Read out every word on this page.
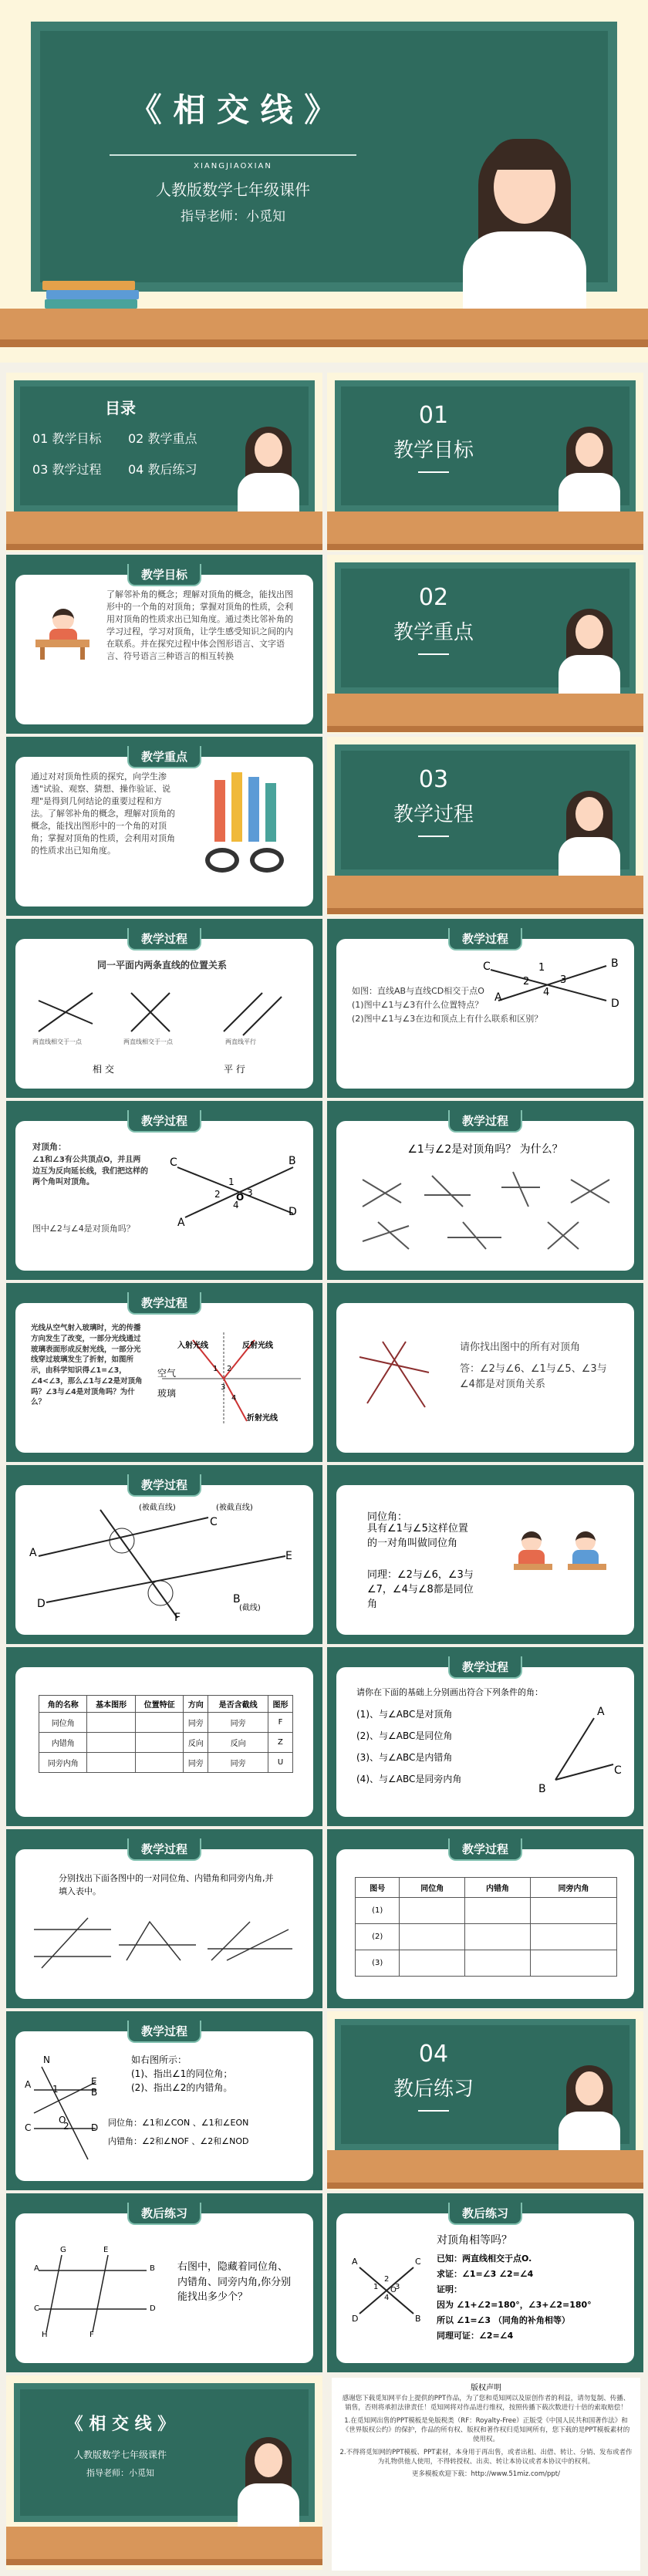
《 相 交 线 》
XIANGJIAOXIAN
人教版数学七年级课件
指导老师：小觅知
目录
01 教学目标 02 教学重点
03 教学过程 04 教后练习
01
教学目标
教学目标
了解邻补角的概念；理解对顶角的概念，能找出图形中的一个角的对顶角；掌握对顶角的性质，会利用对顶角的性质求出已知角度。通过类比邻补角的学习过程，学习对顶角，让学生感受知识之间的内在联系。并在探究过程中体会图形语言、文字语言、符号语言三种语言的相互转换
02
教学重点
教学重点
通过对对顶角性质的探究，向学生渗透"试验、观察、猜想、操作验证、说理"是得到几何结论的重要过程和方法。了解邻补角的概念，理解对顶角的概念，能找出图形中的一个角的对顶角；掌握对顶角的性质，会利用对顶角的性质求出已知角度。
03
教学过程
教学过程
同一平面内两条直线的位置关系
两直线相交于一点	两直线相交于一点	两直线平行
相 交	平 行
教学过程
C
A
B
D
1
2	3
4
如图：直线AB与直线CD相交于点O
(1)图中∠1与∠3有什么位置特点？
(2)图中∠1与∠3在边和顶点上有什么联系和区别？
教学过程
对顶角：
∠1和∠3有公共顶点O，并且两边互为反向延长线，我们把这样的两个角叫对顶角。
图中∠2与∠4是对顶角吗？
C	B
A
D
1
2	3
4
O
教学过程
∠1与∠2是对顶角吗？ 为什么？
教学过程
光线从空气射入玻璃时，光的传播方向发生了改变，一部分光线通过玻璃表面形成反射光线，一部分光线穿过玻璃发生了折射，如图所示，由科学知识得∠1=∠3，∠4<∠3，那么∠1与∠2是对顶角吗？∠3与∠4是对顶角吗？为什么？
入射光线	反射光线
空气
玻璃
折射光线
1 2
3
4
请你找出图中的所有对顶角
答：∠2与∠6、∠1与∠5、∠3与∠4都是对顶角关系
教学过程
(被截直线)	(被截直线)
(截线)
A
B
C
D
E
F
同位角：
具有∠1与∠5这样位置的一对角叫做同位角
同理：∠2与∠6，∠3与∠7，∠4与∠8都是同位角
角的名称	基本图形	位置特征	方向	是否含截线	图形
同位角			同旁	同旁	F
内错角			反向	反向	Z
同旁内角			同旁	同旁	U
教学过程
请你在下面的基础上分别画出符合下列条件的角：
(1)、与∠ABC是对顶角
(2)、与∠ABC是同位角
(3)、与∠ABC是内错角
(4)、与∠ABC是同旁内角
A
B
C
教学过程
分别找出下面各图中的一对同位角、内错角和同旁内角,并填入表中。
教学过程
图号	同位角	内错角	同旁内角
(1)			
(2)			
(3)			
教学过程
A
N
E
B
C	D
O
1
2
如右图所示：
(1)、指出∠1的同位角；
(2)、指出∠2的内错角。
同位角：∠1和∠CON 、∠1和∠EON
内错角：∠2和∠NOF 、∠2和∠NOD
04
教后练习
教后练习
G
A	B
E
C	D
H	F
右图中，隐藏着同位角、内错角、同旁内角,你分别能找出多少个？
教后练习
A
B
C
D
1
2
3
4
O
对顶角相等吗？
已知：两直线相交于点O.
求证：∠1=∠3 ∠2=∠4
证明：
因为 ∠1+∠2=180°，∠3+∠2=180°
所以 ∠1=∠3 （同角的补角相等）
同理可证：∠2=∠4
《 相 交 线 》
人教版数学七年级课件
指导老师：小觅知
版权声明
感谢您下载觅知网平台上提供的PPT作品，为了您和觅知网以及原创作者的利益，请勿复制、传播、销售，否则将承担法律责任！觅知网将对作品进行维权，按照传播下载次数进行十倍的索取赔偿！
1.在觅知网出售的PPT模板是免版税类（RF：Royalty-Free）正版受《中国人民共和国著作法》和《世界版权公约》的保护，作品的所有权、版权和著作权归觅知网所有，您下载的是PPT模板素材的使用权。
2.不得将觅知网的PPT模板、PPT素材，本身用于再出售，或者出租、出借、转让、分销、发布或者作为礼物供他人使用，不得转授权、出卖、转让本协议或者本协议中的权利。
更多模板欢迎下载：http://www.51miz.com/ppt/
